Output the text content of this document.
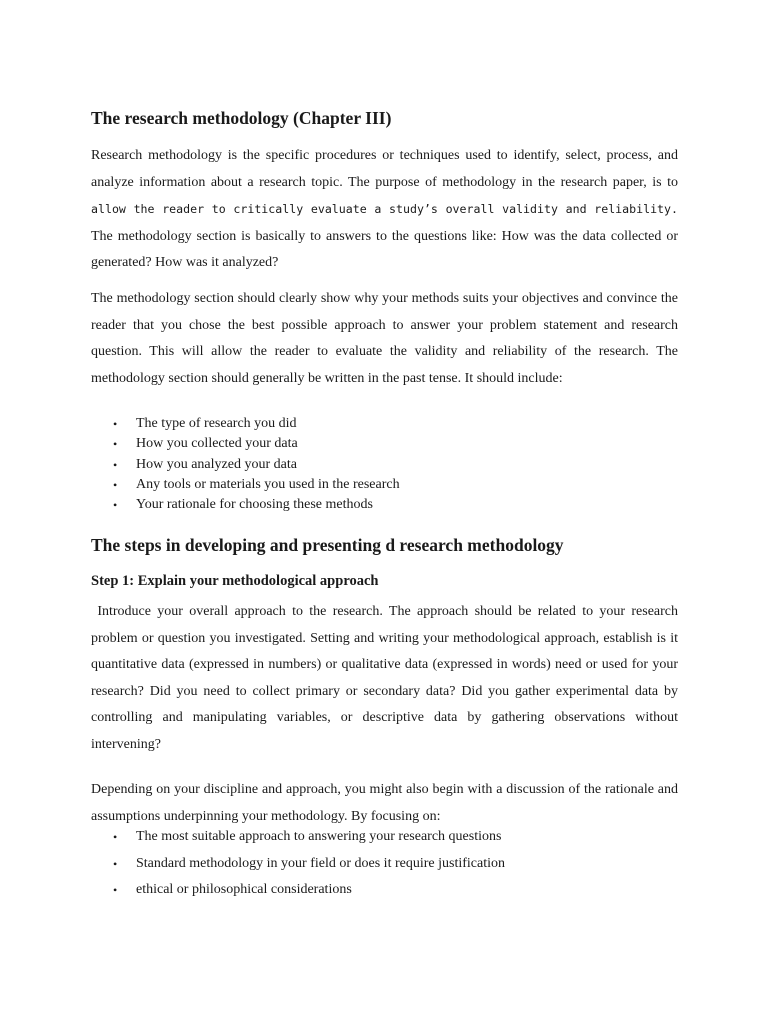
The research methodology (Chapter III)

Research methodology is the specific procedures or techniques used to identify, select, process, and analyze information about a research topic. The purpose of methodology in the research paper, is to allow the reader to critically evaluate a study’s overall validity and reliability. The methodology section is basically to answers to the questions like: How was the data collected or generated? How was it analyzed?

The methodology section should clearly show why your methods suits your objectives and convince the reader that you chose the best possible approach to answer your problem statement and research question. This will allow the reader to evaluate the validity and reliability of the research. The methodology section should generally be written in the past tense. It should include:

• The type of research you did
• How you collected your data
• How you analyzed your data
• Any tools or materials you used in the research
• Your rationale for choosing these methods
The steps in developing and presenting d research methodology
Step 1: Explain your methodological approach

Introduce your overall approach to the research. The approach should be related to your research problem or question you investigated. Setting and writing your methodological approach, establish is it quantitative data (expressed in numbers) or qualitative data (expressed in words) need or used for your research? Did you need to collect primary or secondary data? Did you gather experimental data by controlling and manipulating variables, or descriptive data by gathering observations without intervening?

Depending on your discipline and approach, you might also begin with a discussion of the rationale and assumptions underpinning your methodology. By focusing on:

• The most suitable approach to answering your research questions
• Standard methodology in your field or does it require justification
• ethical or philosophical considerations
